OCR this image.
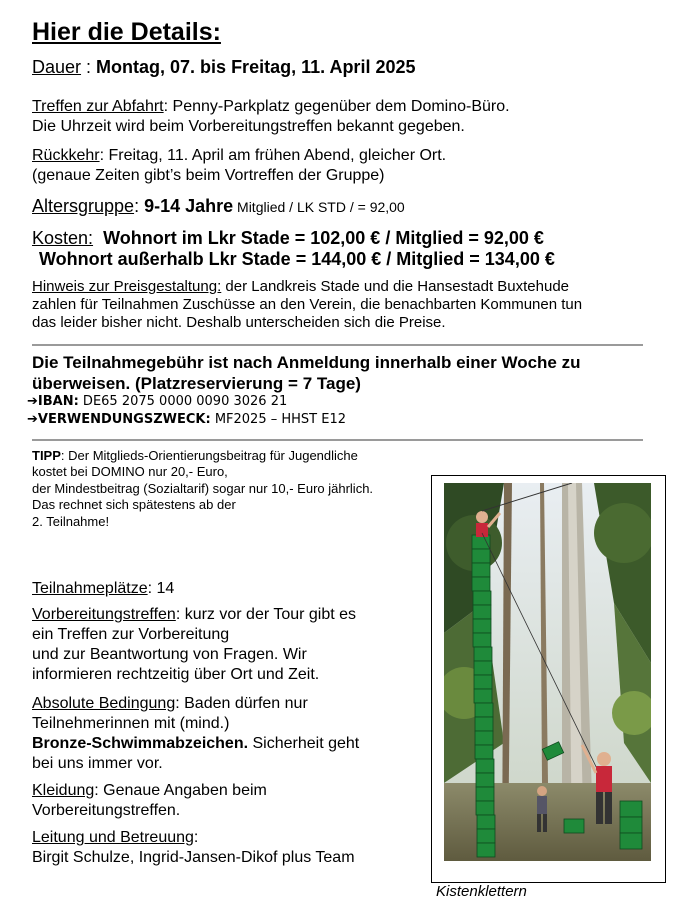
Hier die Details:
Dauer : Montag, 07. bis Freitag, 11. April 2025
Treffen zur Abfahrt: Penny-Parkplatz gegenüber dem Domino-Büro.
Die Uhrzeit wird beim Vorbereitungstreffen bekannt gegeben.
Rückkehr: Freitag, 11. April am frühen Abend, gleicher Ort.
(genaue Zeiten gibt’s beim Vortreffen der Gruppe)
Altersgruppe: 9-14 Jahre Mitglied / LK STD / = 92,00
Kosten: Wohnort im Lkr Stade = 102,00 € / Mitglied = 92,00 €
Wohnort außerhalb Lkr Stade = 144,00 € / Mitglied = 134,00 €
Hinweis zur Preisgestaltung: der Landkreis Stade und die Hansestadt Buxtehude
zahlen für Teilnahmen Zuschüsse an den Verein, die benachbarten Kommunen tun
das leider bisher nicht. Deshalb unterscheiden sich die Preise.
Die Teilnahmegebühr ist nach Anmeldung innerhalb einer Woche zu
überweisen. (Platzreservierung = 7 Tage)
➔IBAN: DE65 2075 0000 0090 3026 21
➔VERWENDUNGSZWECK: MF2025 – HHST E12
TIPP: Der Mitglieds-Orientierungsbeitrag für Jugendliche
kostet bei DOMINO nur 20,- Euro,
der Mindestbeitrag (Sozialtarif) sogar nur 10,- Euro jährlich.
Das rechnet sich spätestens ab der
2. Teilnahme!
Teilnahmeplätze: 14
Vorbereitungstreffen: kurz vor der Tour gibt es
ein Treffen zur Vorbereitung
und zur Beantwortung von Fragen. Wir
informieren rechtzeitig über Ort und Zeit.
Absolute Bedingung: Baden dürfen nur
Teilnehmerinnen mit (mind.)
Bronze-Schwimmabzeichen. Sicherheit geht
bei uns immer vor.
Kleidung: Genaue Angaben beim
Vorbereitungstreffen.
Leitung und Betreuung:
Birgit Schulze, Ingrid-Jansen-Dikof plus Team
Kistenklettern
